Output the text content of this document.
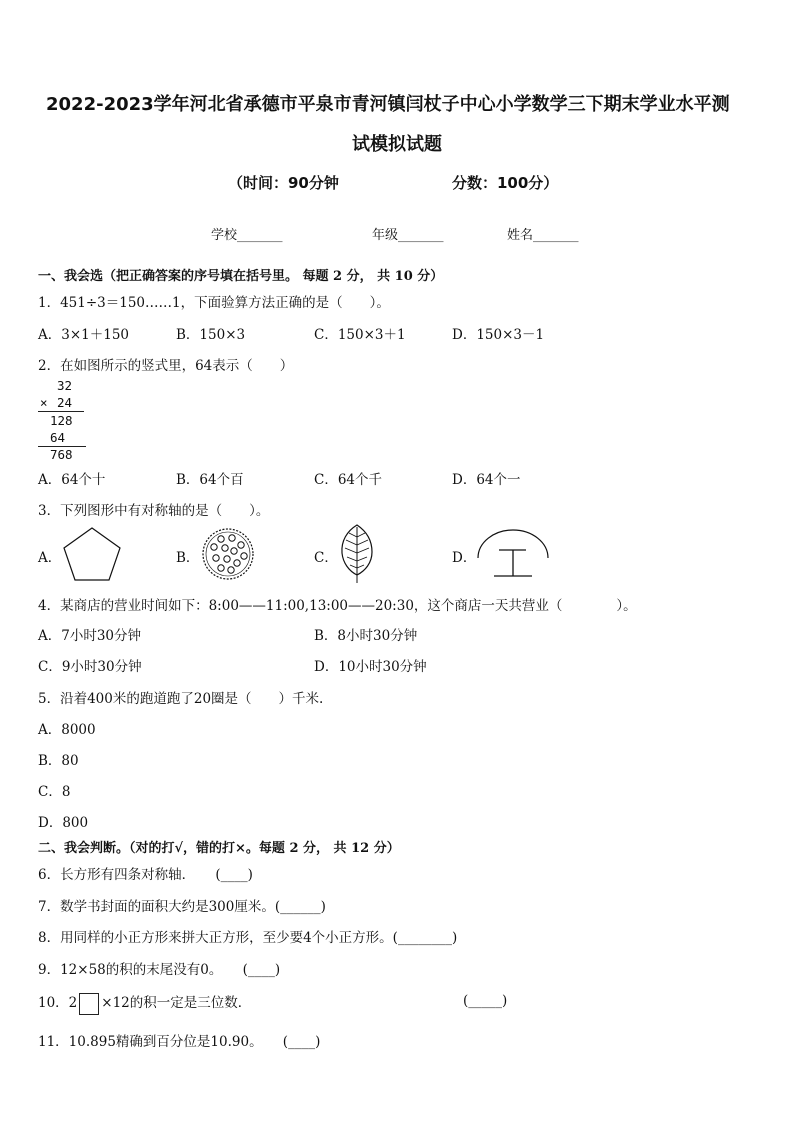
2022-2023学年河北省承德市平泉市青河镇闫杖子中心小学数学三下期末学业水平测
试模拟试题
（时间：90分钟	分数：100分）
学校_______	年级_______	姓名_______
一、我会选（把正确答案的序号填在括号里。 每题 2 分， 共 10 分）
1．451÷3＝150……1，下面验算方法正确的是（　　）。
A．3×1＋150	B．150×3	C．150×3＋1	D．150×3－1
2．在如图所示的竖式里，64表示（　　）
32
× 24
128
64
768
A．64个十	B．64个百	C．64个千	D．64个一
3．下列图形中有对称轴的是（　　）。
A．	B．	C．	D．
4．某商店的营业时间如下：8:00——11:00,13:00——20:30，这个商店一天共营业（　　　　）。
A．7小时30分钟	B．8小时30分钟
C．9小时30分钟	D．10小时30分钟
5．沿着400米的跑道跑了20圈是（　　）千米.
A．8000
B．80
C．8
D．800
二、我会判断。（对的打√，错的打×。每题 2 分， 共 12 分）
6．长方形有四条对称轴．　　(____)
7．数学书封面的面积大约是300厘米。(______)
8．用同样的小正方形来拼大正方形，至少要4个小正方形。(________)
9．12×58的积的末尾没有0。　　(____)
10．2 ×12的积一定是三位数．	(_____)
11．10.895精确到百分位是10.90。　　(____)
